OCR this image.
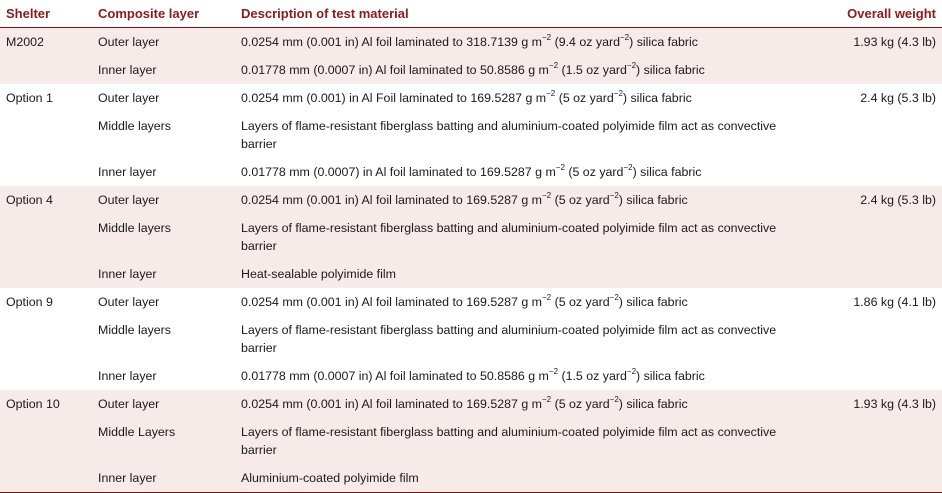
Shelter	Composite layer	Description of test material	Overall weight
M2002	Outer layer	0.0254 mm (0.001 in) Al foil laminated to 318.7139 g $m^{-2}$ (9.4 oz yard$^{-2}$) silica fabric	1.93 kg (4.3 lb)
	Inner layer	0.01778 mm (0.0007 in) Al foil laminated to 50.8586 g $m^{-2}$ (1.5 oz yard$^{-2}$) silica fabric	
Option 1	Outer layer	0.0254 mm (0.001) in Al Foil laminated to 169.5287 g $m^{-2}$ (5 oz yard$^{-2}$) silica fabric	2.4 kg (5.3 lb)
	Middle layers	Layers of flame-resistant fiberglass batting and aluminium-coated polyimide film act as convective barrier	
	Inner layer	0.01778 mm (0.0007) in Al foil laminated to 169.5287 g $m^{-2}$ (5 oz yard$^{-2}$) silica fabric	
Option 4	Outer layer	0.0254 mm (0.001 in) Al foil laminated to 169.5287 g $m^{-2}$ (5 oz yard$^{-2}$) silica fabric	2.4 kg (5.3 lb)
	Middle layers	Layers of flame-resistant fiberglass batting and aluminium-coated polyimide film act as convective barrier	
	Inner layer	Heat-sealable polyimide film	
Option 9	Outer layer	0.0254 mm (0.001 in) Al foil laminated to 169.5287 g $m^{-2}$ (5 oz yard$^{-2}$) silica fabric	1.86 kg (4.1 lb)
	Middle layers	Layers of flame-resistant fiberglass batting and aluminium-coated polyimide film act as convective barrier	
	Inner layer	0.01778 mm (0.0007 in) Al foil laminated to 50.8586 g $m^{-2}$ (1.5 oz yard$^{-2}$) silica fabric	
Option 10	Outer layer	0.0254 mm (0.001 in) Al foil laminated to 169.5287 g $m^{-2}$ (5 oz yard$^{-2}$) silica fabric	1.93 kg (4.3 lb)
	Middle Layers	Layers of flame-resistant fiberglass batting and aluminium-coated polyimide film act as convective barrier	
	Inner layer	Aluminium-coated polyimide film	
